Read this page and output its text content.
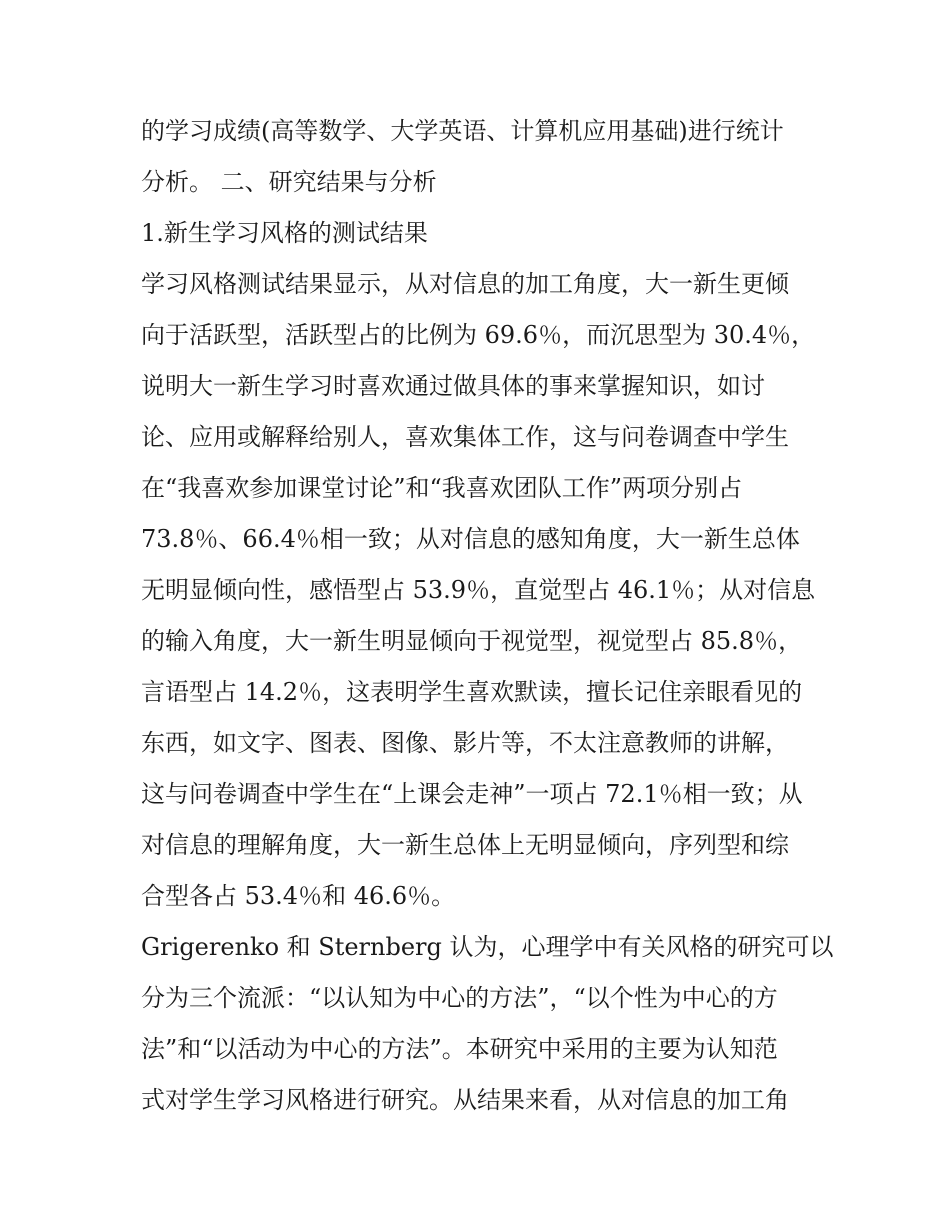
的学习成绩(高等数学、大学英语、计算机应用基础)进行统计
分析。 二、研究结果与分析
1.新生学习风格的测试结果
学习风格测试结果显示，从对信息的加工角度，大一新生更倾
向于活跃型，活跃型占的比例为 69.6％，而沉思型为 30.4％，
说明大一新生学习时喜欢通过做具体的事来掌握知识，如讨
论、应用或解释给别人，喜欢集体工作，这与问卷调查中学生
在“我喜欢参加课堂讨论”和“我喜欢团队工作”两项分别占
73.8％、66.4％相一致；从对信息的感知角度，大一新生总体
无明显倾向性，感悟型占 53.9％，直觉型占 46.1％；从对信息
的输入角度，大一新生明显倾向于视觉型，视觉型占 85.8％，
言语型占 14.2％，这表明学生喜欢默读，擅长记住亲眼看见的
东西，如文字、图表、图像、影片等，不太注意教师的讲解，
这与问卷调查中学生在“上课会走神”一项占 72.1％相一致；从
对信息的理解角度，大一新生总体上无明显倾向，序列型和综
合型各占 53.4％和 46.6％。
Grigerenko 和 Sternberg 认为，心理学中有关风格的研究可以
分为三个流派：“以认知为中心的方法”，“以个性为中心的方
法”和“以活动为中心的方法”。本研究中采用的主要为认知范
式对学生学习风格进行研究。从结果来看，从对信息的加工角
